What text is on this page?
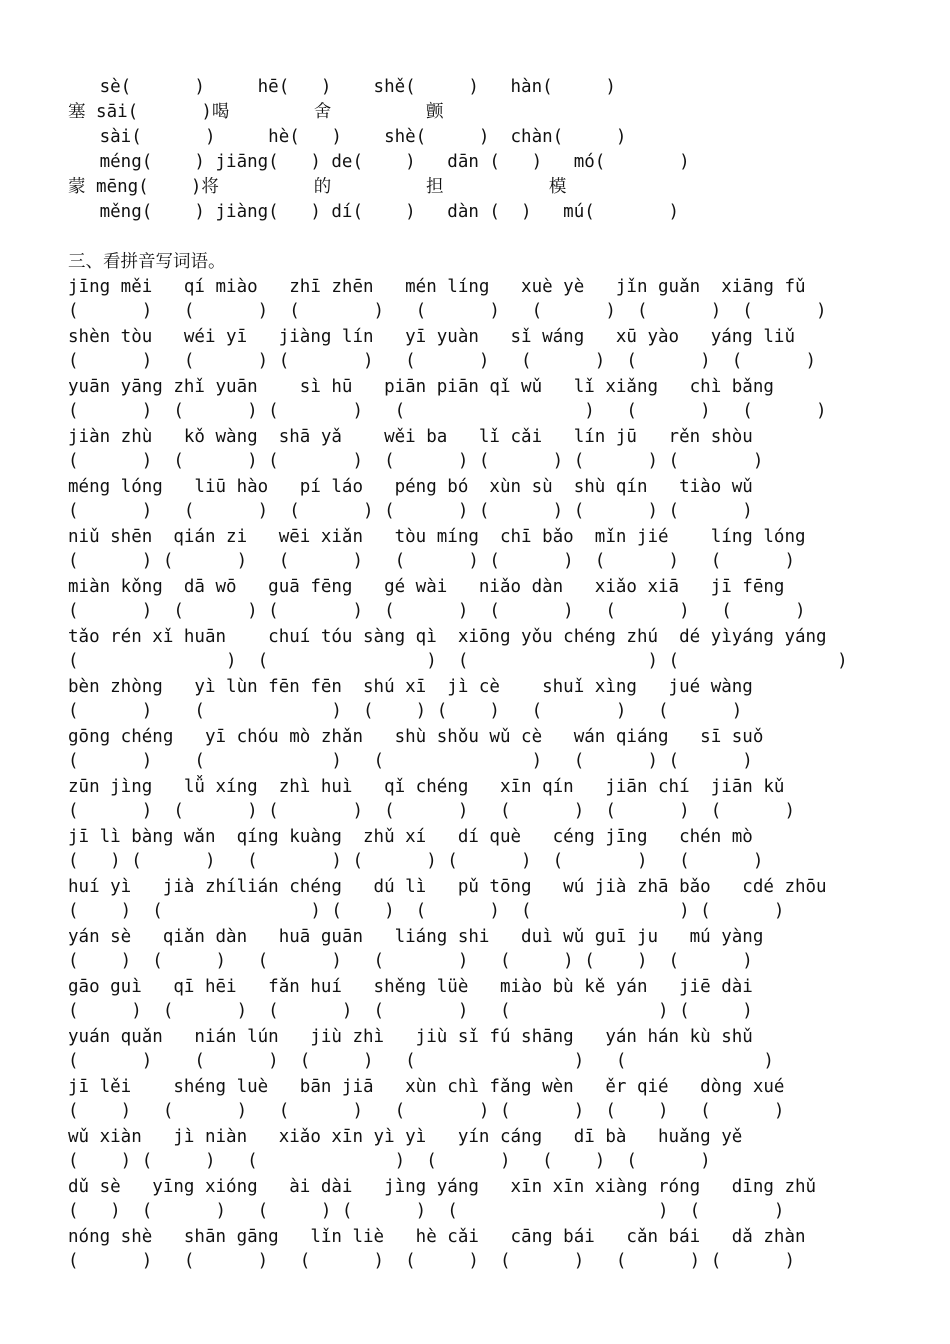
sè(      )     hē(   )    shě(     )   hàn(     )

塞 sāi(      )喝        舍         颤

sài(      )     hè(   )    shè(     )  chàn(     )

méng(    ) jiāng(   ) de(    )   dān (   )   mó(       )

蒙 mēng(    )将         的         担          模

měng(    ) jiàng(   ) dí(    )   dàn (  )   mú(       )

三、看拼音写词语。

jīng měi   qí miào   zhī zhēn   mén líng   xuè yè   jǐn guǎn  xiāng fǔ

(      )   (      )  (       )   (      )   (      )  (      )  (      )

shèn tòu   wéi yī   jiàng lín   yī yuàn   sǐ wáng   xū yào   yáng liǔ

(      )   (      ) (       )   (      )   (      )  (      )  (      )

yuān yāng zhǐ yuān    sì hū   piān piān qǐ wǔ   lǐ xiǎng   chì bǎng

(      )  (      ) (       )   (                 )   (      )   (      )

jiàn zhù   kǒ wàng  shā yǎ    wěi ba   lǐ cǎi   lín jū   rěn shòu

(      )  (      ) (       )  (      ) (      ) (      ) (       )

méng lóng   liū hào   pí láo   péng bó  xùn sù  shù qín   tiào wǔ

(      )   (      )  (      ) (      ) (      ) (      ) (      )

niǔ shēn  qián zi   wēi xiǎn   tòu míng  chī bǎo  mǐn jié    líng lóng

(      ) (      )   (      )   (      ) (      )  (      )   (      )

miàn kǒng  dā wō   guā fēng   gé wài   niǎo dàn   xiǎo xiā   jī fēng

(      )  (      ) (       )  (      )  (      )   (      )   (      )

tǎo rén xǐ huān    chuí tóu sàng qì  xiōng yǒu chéng zhú  dé yìyáng yáng

(              )  (               )  (                 ) (               )

bèn zhòng   yì lùn fēn fēn  shú xī  jì cè    shuǐ xìng   jué wàng

(      )    (            )  (    ) (    )   (       )   (      )

gōng chéng   yī chóu mò zhǎn   shù shǒu wǔ cè   wán qiáng   sī suǒ

(      )    (            )   (              )   (      ) (      )

zūn jìng   lǚ xíng  zhì huì   qǐ chéng   xīn qín   jiān chí  jiān kǔ

(      )  (      ) (       )  (      )   (      )  (      )  (      )

jī lì bàng wǎn  qíng kuàng  zhǔ xí   dí què   céng jīng   chén mò

(   ) (      )   (       ) (      ) (      )  (       )   (      )

huí yì   jià zhílián chéng   dú lì   pǔ tōng   wú jià zhā bǎo   cdé zhōu

(    )  (              ) (    )  (      )  (              ) (      )

yán sè   qiǎn dàn   huā guān   liáng shi   duì wǔ guī ju   mú yàng

(    )  (     )   (      )   (       )   (     ) (    )  (      )

gāo guì   qī hēi   fǎn huí   shěng lüè   miào bù kě yán   jiē dài

(     )  (      )  (      )  (       )   (              ) (     )

yuán quǎn   nián lún   jiù zhì   jiù sǐ fú shāng   yán hán kù shǔ

(      )    (      )  (     )   (               )   (             )

jī lěi    shéng luè   bān jiā   xùn chì fǎng wèn   ěr qié   dòng xué

(    )   (      )   (      )   (       ) (      )  (    )   (      )

wǔ xiàn   jì niàn   xiǎo xīn yì yì   yín cáng   dī bà   huǎng yě

(    ) (     )   (             )  (      )   (    )  (      )

dǔ sè   yīng xióng   ài dài   jìng yáng   xīn xīn xiàng róng   dīng zhǔ

(   )  (      )   (     ) (      )  (                   )  (       )

nóng shè   shān gāng   lǐn liè   hè cǎi   cāng bái   cǎn bái   dǎ zhàn

(      )   (      )   (      )  (     )  (      )   (      ) (      )
